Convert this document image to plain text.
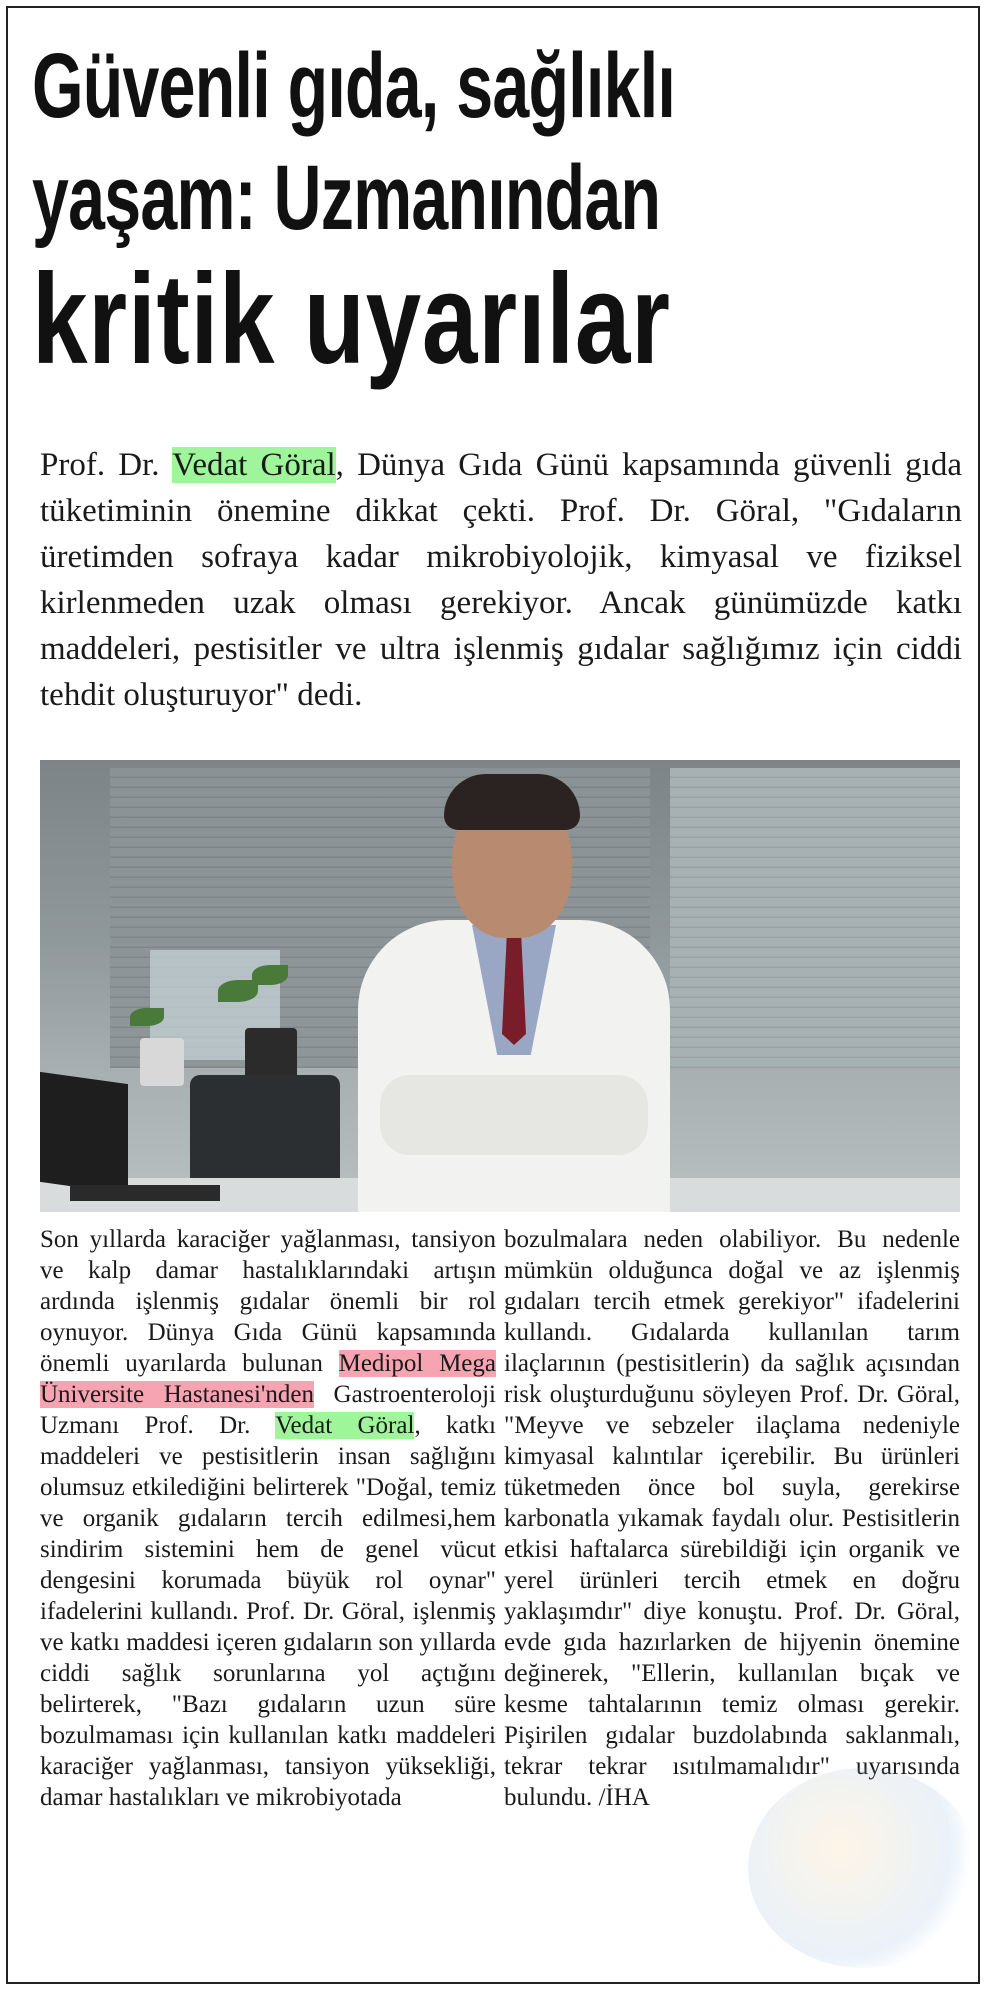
Güvenli gıda, sağlıklı
yaşam: Uzmanından
kritik uyarılar
Prof. Dr. Vedat Göral, Dünya Gıda Günü kapsamında güvenli gıda tüketiminin önemine dikkat çekti. Prof. Dr. Göral, "Gıdaların üretimden sofraya kadar mikrobiyolojik, kimyasal ve fiziksel kirlenmeden uzak olması gerekiyor. Ancak günümüzde katkı maddeleri, pestisitler ve ultra işlenmiş gıdalar sağlığımız için ciddi tehdit oluşturuyor" dedi.
Son yıllarda karaciğer yağlanması, tansiyon ve kalp damar hastalıklarındaki artışın ardında işlenmiş gıdalar önemli bir rol oynuyor. Dünya Gıda Günü kapsamında önemli uyarılarda bulunan Medipol Mega Üniversite Hastanesi'nden Gastroenteroloji Uzmanı Prof. Dr. Vedat Göral, katkı maddeleri ve pestisitlerin insan sağlığını olumsuz etkilediğini belirterek "Doğal, temiz ve organik gıdaların tercih edilmesi,hem sindirim sistemini hem de genel vücut dengesini korumada büyük rol oynar" ifadelerini kullandı. Prof. Dr. Göral, işlenmiş ve katkı maddesi içeren gıdaların son yıllarda ciddi sağlık sorunlarına yol açtığını belirterek, "Bazı gıdaların uzun süre bozulmaması için kullanılan katkı maddeleri karaciğer yağlanması, tansiyon yüksekliği, damar hastalıkları ve mikrobiyotada
bozulmalara neden olabiliyor. Bu nedenle mümkün olduğunca doğal ve az işlenmiş gıdaları tercih etmek gerekiyor" ifadelerini kullandı. Gıdalarda kullanılan tarım ilaçlarının (pestisitlerin) da sağlık açısından risk oluşturduğunu söyleyen Prof. Dr. Göral, "Meyve ve sebzeler ilaçlama nedeniyle kimyasal kalıntılar içerebilir. Bu ürünleri tüketmeden önce bol suyla, gerekirse karbonatla yıkamak faydalı olur. Pestisitlerin etkisi haftalarca sürebildiği için organik ve yerel ürünleri tercih etmek en doğru yaklaşımdır" diye konuştu. Prof. Dr. Göral, evde gıda hazırlarken de hijyenin önemine değinerek, "Ellerin, kullanılan bıçak ve kesme tahtalarının temiz olması gerekir. Pişirilen gıdalar buzdolabında saklanmalı, tekrar tekrar ısıtılmamalıdır" uyarısında bulundu. /İHA
